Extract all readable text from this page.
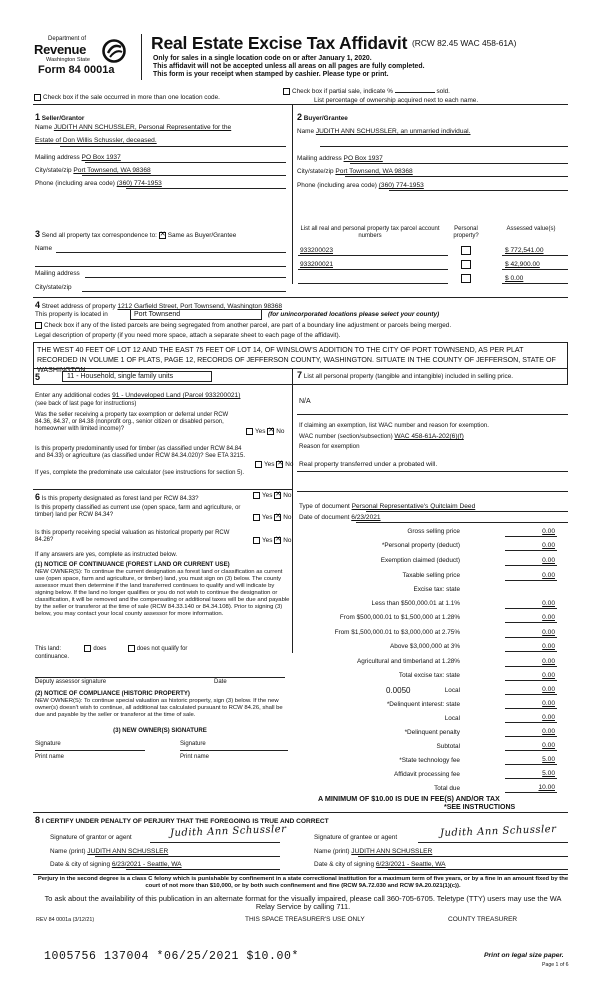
Department of
Revenue
Washington State
Form 84 0001a
Real Estate Excise Tax Affidavit (RCW 82.45 WAC 458-61A)
Only for sales in a single location code on or after January 1, 2020.
This affidavit will not be accepted unless all areas on all pages are fully completed.
This form is your receipt when stamped by cashier. Please type or print.
Check box if the sale occurred in more than one location code.
Check box if partial sale, indicate %	sold.
List percentage of ownership acquired next to each name.
1 Seller/Grantor
Name JUDITH ANN SCHUSSLER, Personal Representative for the
Estate of Don Willis Schussler, deceased.
Mailing address PO Box 1937
City/state/zip Port Townsend, WA 98368
Phone (including area code) (360) 774-1953
2 Buyer/Grantee
Name JUDITH ANN SCHUSSLER, an unmarried individual.
Mailing address PO Box 1937
City/state/zip Port Townsend, WA 98368
Phone (including area code) (360) 774-1953
3 Send all property tax correspondence to: ✕ Same as Buyer/Grantee
Name
Mailing address
City/state/zip
List all real and personal property tax parcel account numbers
Personal property?
Assessed value(s)
933200023	$ 772,541.00
933200021	$ 42,900.00
$ 0.00
4 Street address of property 1212 Garfield Street, Port Townsend, Washington 98368
This property is located in	Port Townsend	(for unincorporated locations please select your county)
Check box if any of the listed parcels are being segregated from another parcel, are part of a boundary line adjustment or parcels being merged.
Legal description of property (if you need more space, attach a separate sheet to each page of the affidavit).
THE WEST 40 FEET OF LOT 12 AND THE EAST 75 FEET OF LOT 14, OF WINSLOW'S ADDITION TO THE CITY OF PORT TOWNSEND, AS PER PLAT RECORDED IN VOLUME 1 OF PLATS, PAGE 12, RECORDS OF JEFFERSON COUNTY, WASHINGTON. SITUATE IN THE COUNTY OF JEFFERSON, STATE OF WASHINGTON.
5	11 - Household, single family units
Enter any additional codes 91 - Undeveloped Land (Parcel 933200021)
(see back of last page for instructions)
Was the seller receiving a property tax exemption or deferral under RCW 84.36, 84.37, or 84.38 (nonprofit org., senior citizen or disabled person, homeowner with limited income)?	Yes ✕ No
Is this property predominantly used for timber (as classified under RCW 84.84 and 84.33) or agriculture (as classified under RCW 84.34.020)? See ETA 3215.
Yes ✕ No
If yes, complete the predominate use calculator (see instructions for section 5).
6 Is this property designated as forest land per RCW 84.33?	Yes ✕ No
Is this property classified as current use (open space, farm and agriculture, or timber) land per RCW 84.34?	Yes ✕ No
Is this property receiving special valuation as historical property per RCW 84.26?	Yes ✕ No
If any answers are yes, complete as instructed below.
(1) NOTICE OF CONTINUANCE (FOREST LAND OR CURRENT USE)
NEW OWNER(S): To continue the current designation as forest land or classification as current use (open space, farm and agriculture, or timber) land, you must sign on (3) below. The county assessor must then determine if the land transferred continues to qualify and will indicate by signing below. If the land no longer qualifies or you do not wish to continue the designation or classification, it will be removed and the compensating or additional taxes will be due and payable by the seller or transferor at the time of sale (RCW 84.33.140 or 84.34.108). Prior to signing (3) below, you may contact your local county assessor for more information.
This land:	does	does not qualify for
continuance.
Deputy assessor signature	Date
(2) NOTICE OF COMPLIANCE (HISTORIC PROPERTY)
NEW OWNER(S): To continue special valuation as historic property, sign (3) below. If the new owner(s) doesn't wish to continue, all additional tax calculated pursuant to RCW 84.26, shall be due and payable by the seller or transferor at the time of sale.
(3) NEW OWNER(S) SIGNATURE
Signature	Signature
Print name	Print name
7 List all personal property (tangible and intangible) included in selling price.
N/A
If claiming an exemption, list WAC number and reason for exemption.
WAC number (section/subsection) WAC 458-61A-202(6)(f)
Reason for exemption
Real property transferred under a probated will.
Type of document Personal Representative's Quitclaim Deed
Date of document 6/23/2021
Gross selling price	0.00
*Personal property (deduct)	0.00
Exemption claimed (deduct)	0.00
Taxable selling price	0.00
Excise tax: state
Less than $500,000.01 at 1.1%	0.00
From $500,000.01 to $1,500,000 at 1.28%	0.00
From $1,500,000.01 to $3,000,000 at 2.75%	0.00
Above $3,000,000 at 3%	0.00
Agricultural and timberland at 1.28%	0.00
Total excise tax: state	0.00
0.0050	Local	0.00
*Delinquent interest: state	0.00
Local	0.00
*Delinquent penalty	0.00
Subtotal	0.00
*State technology fee	5.00
Affidavit processing fee	5.00
Total due	10.00
A MINIMUM OF $10.00 IS DUE IN FEE(S) AND/OR TAX
*SEE INSTRUCTIONS
8 I CERTIFY UNDER PENALTY OF PERJURY THAT THE FOREGOING IS TRUE AND CORRECT
Signature of grantor or agent	Judith Ann Schussler
Name (print) JUDITH ANN SCHUSSLER
Date & city of signing 6/23/2021 - Seattle, WA
Signature of grantee or agent	Judith Ann Schussler
Name (print) JUDITH ANN SCHUSSLER
Date & city of signing 6/23/2021 - Seattle, WA
Perjury in the second degree is a class C felony which is punishable by confinement in a state correctional institution for a maximum term of five years, or by a fine in an amount fixed by the court of not more than $10,000, or by both such confinement and fine (RCW 9A.72.030 and RCW 9A.20.021(1)(c)).
To ask about the availability of this publication in an alternate format for the visually impaired, please call 360-705-6705. Teletype (TTY) users may use the WA Relay Service by calling 711.
REV 84 0001a (3/12/21)	THIS SPACE TREASURER'S USE ONLY	COUNTY TREASURER
1005756 137004 *06/25/2021 $10.00*	Print on legal size paper.
Page 1 of 6
